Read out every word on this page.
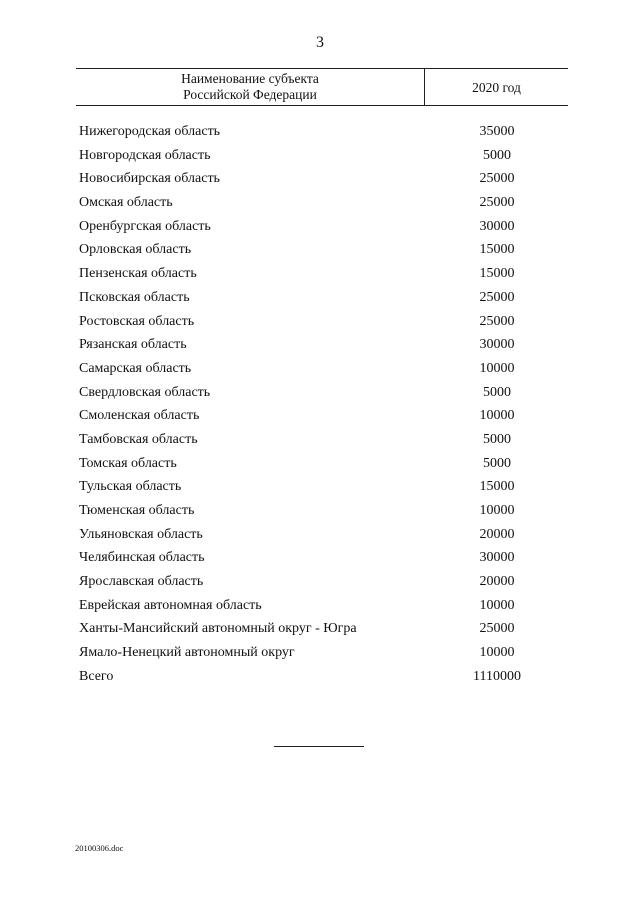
3
Наименование субъекта
Российской Федерации	2020 год
Нижегородская область	35000
Новгородская область	5000
Новосибирская область	25000
Омская область	25000
Оренбургская область	30000
Орловская область	15000
Пензенская область	15000
Псковская область	25000
Ростовская область	25000
Рязанская область	30000
Самарская область	10000
Свердловская область	5000
Смоленская область	10000
Тамбовская область	5000
Томская область	5000
Тульская область	15000
Тюменская область	10000
Ульяновская область	20000
Челябинская область	30000
Ярославская область	20000
Еврейская автономная область	10000
Ханты-Мансийский автономный округ - Югра	25000
Ямало-Ненецкий автономный округ	10000
Всего	1110000
20100306.doc
